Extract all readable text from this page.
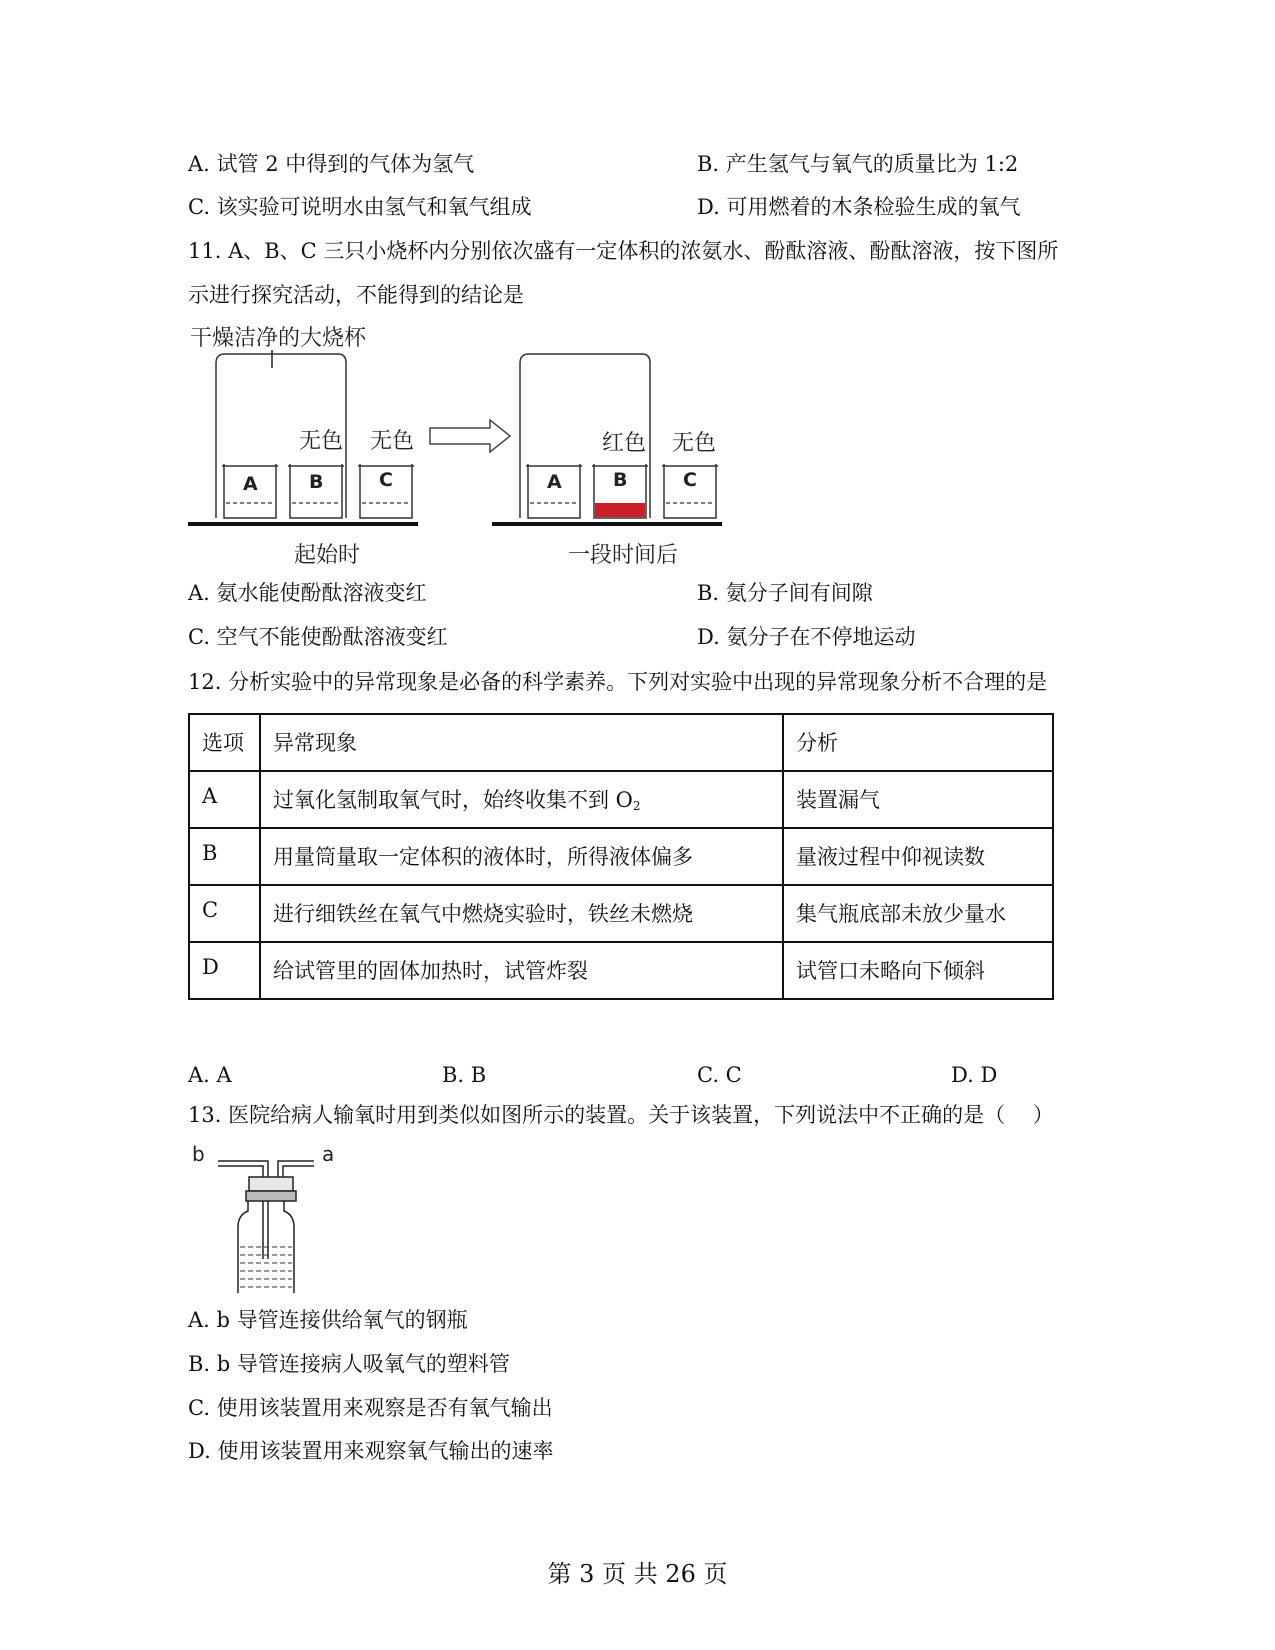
A. 试管 2 中得到的气体为氢气	B. 产生氢气与氧气的质量比为 1:2
C. 该实验可说明水由氢气和氧气组成	D. 可用燃着的木条检验生成的氧气
11. A、B、C 三只小烧杯内分别依次盛有一定体积的浓氨水、酚酞溶液、酚酞溶液，按下图所
示进行探究活动，不能得到的结论是
干燥洁净的大烧杯
起始时	一段时间后
无色 无色	红色 无色
A	B	C	A	B	C
A. 氨水能使酚酞溶液变红	B. 氨分子间有间隙
C. 空气不能使酚酞溶液变红	D. 氨分子在不停地运动
12. 分析实验中的异常现象是必备的科学素养。下列对实验中出现的异常现象分析不合理的是
选项	异常现象	分析
A	过氧化氢制取氧气时，始终收集不到 $O_2$	装置漏气
B	用量筒量取一定体积的液体时，所得液体偏多	量液过程中仰视读数
C	进行细铁丝在氧气中燃烧实验时，铁丝未燃烧	集气瓶底部未放少量水
D	给试管里的固体加热时，试管炸裂	试管口未略向下倾斜
A. A	B. B	C. C	D. D
13. 医院给病人输氧时用到类似如图所示的装置。关于该装置，下列说法中不正确的是（　 ）
b	a
A. b 导管连接供给氧气的钢瓶
B. b 导管连接病人吸氧气的塑料管
C. 使用该装置用来观察是否有氧气输出
D. 使用该装置用来观察氧气输出的速率
第 3 页 共 26 页
